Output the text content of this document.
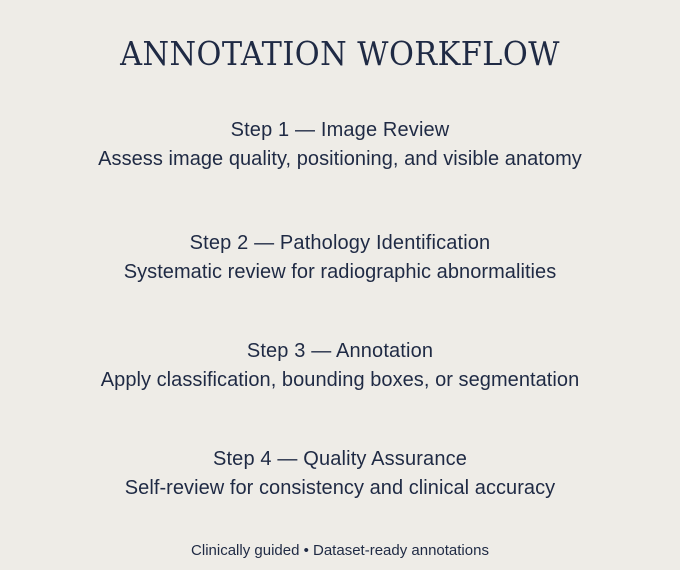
ANNOTATION WORKFLOW
Step 1 — Image Review
Assess image quality, positioning, and visible anatomy
Step 2 — Pathology Identification
Systematic review for radiographic abnormalities
Step 3 — Annotation
Apply classification, bounding boxes, or segmentation
Step 4 — Quality Assurance
Self-review for consistency and clinical accuracy
Clinically guided • Dataset-ready annotations
